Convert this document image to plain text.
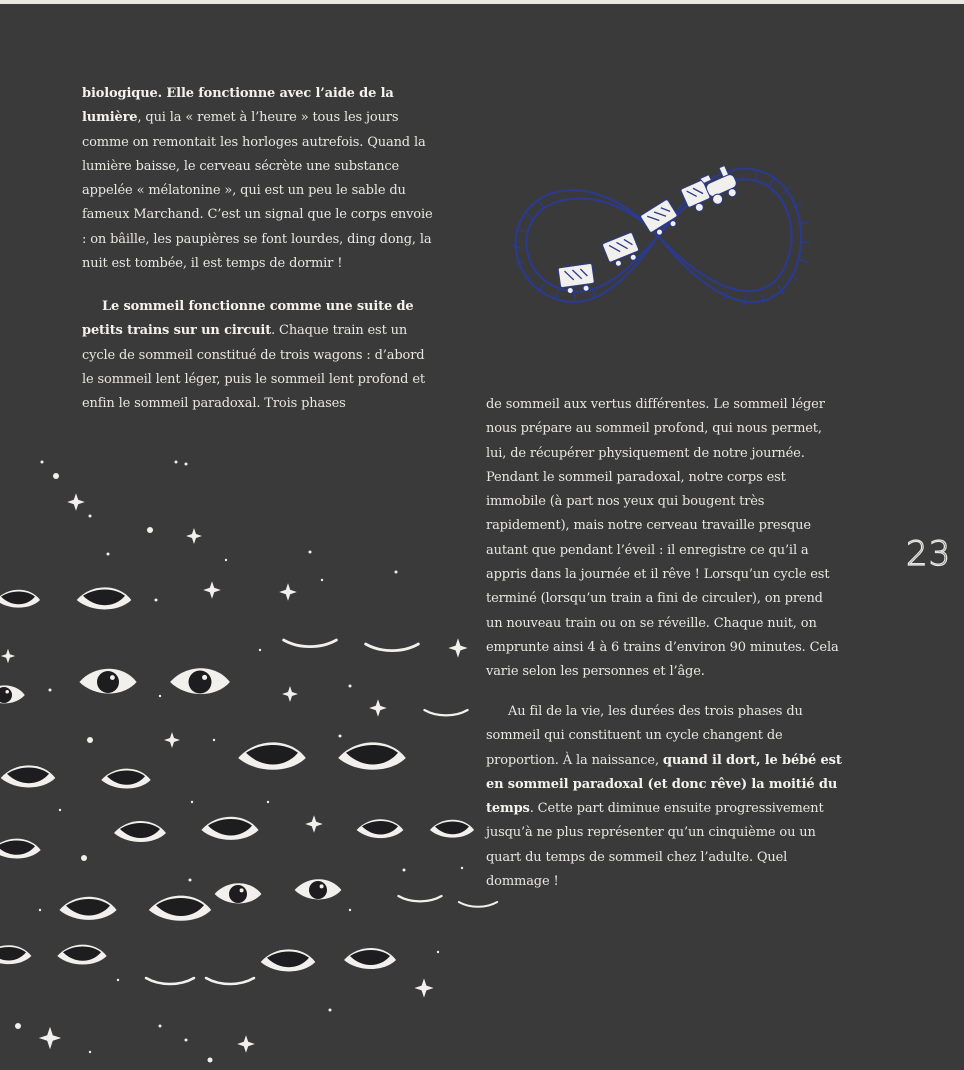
biologique. Elle fonctionne avec l’aide de la lumière, qui la « remet à l’heure » tous les jours comme on remontait les horloges autrefois. Quand la lumière baisse, le cerveau sécrète une substance appelée « mélatonine », qui est un peu le sable du fameux Marchand. C’est un signal que le corps envoie : on bâille, les paupières se font lourdes, ding dong, la nuit est tombée, il est temps de dormir !

Le sommeil fonctionne comme une suite de petits trains sur un circuit. Chaque train est un cycle de sommeil constitué de trois wagons : d’abord le sommeil lent léger, puis le sommeil lent profond et enfin le sommeil paradoxal. Trois phases	de sommeil aux vertus différentes. Le sommeil léger nous prépare au sommeil profond, qui nous permet, lui, de récupérer physiquement de notre journée. Pendant le sommeil paradoxal, notre corps est immobile (à part nos yeux qui bougent très rapidement), mais notre cerveau travaille presque autant que pendant l’éveil : il enregistre ce qu’il a appris dans la journée et il rêve ! Lorsqu’un cycle est terminé (lorsqu’un train a fini de circuler), on prend un nouveau train ou on se réveille. Chaque nuit, on emprunte ainsi 4 à 6 trains d’environ 90 minutes. Cela varie selon les personnes et l’âge.

Au fil de la vie, les durées des trois phases du sommeil qui constituent un cycle changent de proportion. À la naissance, quand il dort, le bébé est en sommeil paradoxal (et donc rêve) la moitié du temps. Cette part diminue ensuite progressivement jusqu’à ne plus représenter qu’un cinquième ou un quart du temps de sommeil chez l’adulte. Quel dommage !

23
